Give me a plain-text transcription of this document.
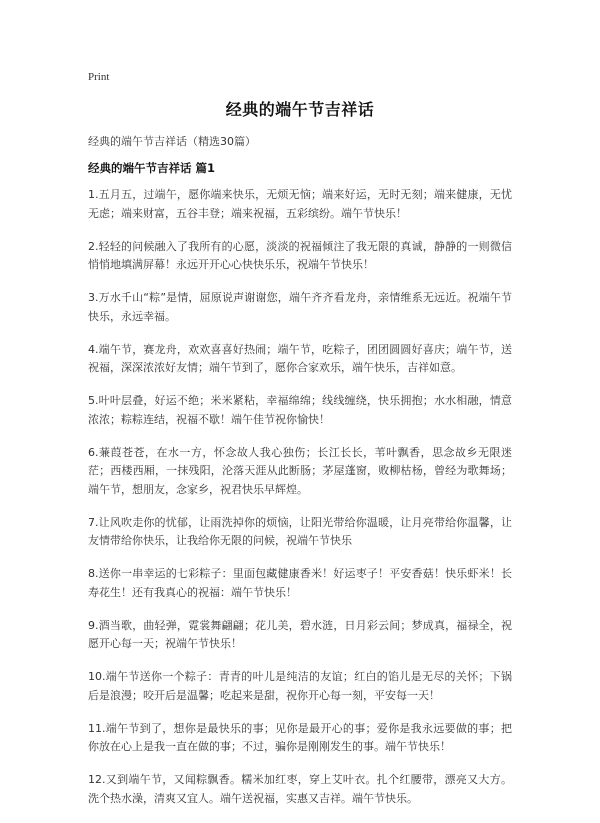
Print
经典的端午节吉祥话

经典的端午节吉祥话（精选30篇）

经典的端午节吉祥话 篇1

1.五月五，过端午，愿你端来快乐，无烦无恼；端来好运，无时无刻；端来健康，无忧无虑；端来财富，五谷丰登；端来祝福，五彩缤纷。端午节快乐！

2.轻轻的问候融入了我所有的心愿，淡淡的祝福倾注了我无限的真诚，静静的一则微信悄悄地填满屏幕！永远开开心心快快乐乐，祝端午节快乐！

3.万水千山“粽”是情，屈原说声谢谢您，端午齐齐看龙舟，亲情维系无远近。祝端午节快乐，永远幸福。

4.端午节，赛龙舟，欢欢喜喜好热闹；端午节，吃粽子，团团圆圆好喜庆；端午节，送祝福，深深浓浓好友情；端午节到了，愿你合家欢乐，端午快乐，吉祥如意。

5.叶叶层叠，好运不绝；米米紧粘，幸福绵绵；线线缠绕，快乐拥抱；水水相融，情意浓浓；粽粽连结，祝福不歇！端午佳节祝你愉快！

6.蒹葭苍苍，在水一方，怀念故人我心独伤；长江长长，苇叶飘香，思念故乡无限迷茫；西楼西厢，一抹残阳，沦落天涯从此断肠；茅屋蓬窗，败柳枯杨，曾经为歌舞场；端午节，想朋友，念家乡，祝君快乐早辉煌。

7.让风吹走你的忧郁，让雨洗掉你的烦恼，让阳光带给你温暖，让月亮带给你温馨，让友情带给你快乐，让我给你无限的问候，祝端午节快乐

8.送你一串幸运的七彩粽子：里面包藏健康香米！好运枣子！平安香菇！快乐虾米！长寿花生！还有我真心的祝福：端午节快乐！

9.酒当歌，曲轻弹，霓裳舞翩翩；花儿美，碧水涟，日月彩云间；梦成真，福禄全，祝愿开心每一天；祝端午节快乐！

10.端午节送你一个粽子：青青的叶儿是纯洁的友谊；红白的馅儿是无尽的关怀；下锅后是浪漫；咬开后是温馨；吃起来是甜，祝你开心每一刻，平安每一天！

11.端午节到了，想你是最快乐的事；见你是最开心的事；爱你是我永远要做的事；把你放在心上是我一直在做的事；不过，骗你是刚刚发生的事。端午节快乐！

12.又到端午节，又闻粽飘香。糯米加红枣，穿上艾叶衣。扎个红腰带，漂亮又大方。洗个热水澡，清爽又宜人。端午送祝福，实惠又吉祥。端午节快乐。
